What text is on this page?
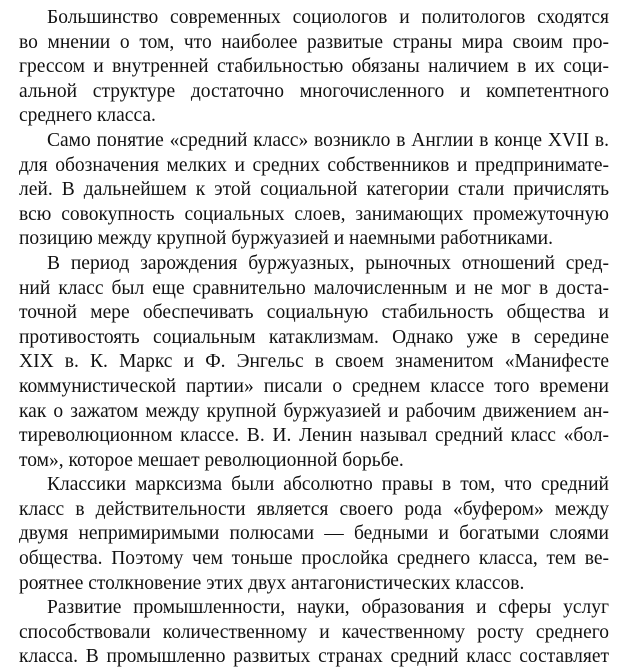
Большинство современных социологов и политологов сходятся
во мнении о том, что наиболее развитые страны мира своим про-
грессом и внутренней стабильностью обязаны наличием в их соци-
альной структуре достаточно многочисленного и компетентного
среднего класса.

Само понятие «средний класс» возникло в Англии в конце XVII в.
для обозначения мелких и средних собственников и предпринимате-
лей. В дальнейшем к этой социальной категории стали причислять
всю совокупность социальных слоев, занимающих промежуточную
позицию между крупной буржуазией и наемными работниками.

В период зарождения буржуазных, рыночных отношений сред-
ний класс был еще сравнительно малочисленным и не мог в доста-
точной мере обеспечивать социальную стабильность общества и
противостоять социальным катаклизмам. Однако уже в середине
XIX в. К. Маркс и Ф. Энгельс в своем знаменитом «Манифесте
коммунистической партии» писали о среднем классе того времени
как о зажатом между крупной буржуазией и рабочим движением ан-
тиреволюционном классе. В. И. Ленин называл средний класс «бол-
том», которое мешает революционной борьбе.

Классики марксизма были абсолютно правы в том, что средний
класс в действительности является своего рода «буфером» между
двумя непримиримыми полюсами — бедными и богатыми слоями
общества. Поэтому чем тоньше прослойка среднего класса, тем ве-
роятнее столкновение этих двух антагонистических классов.

Развитие промышленности, науки, образования и сферы услуг
способствовали количественному и качественному росту среднего
класса. В промышленно развитых странах средний класс составляет
